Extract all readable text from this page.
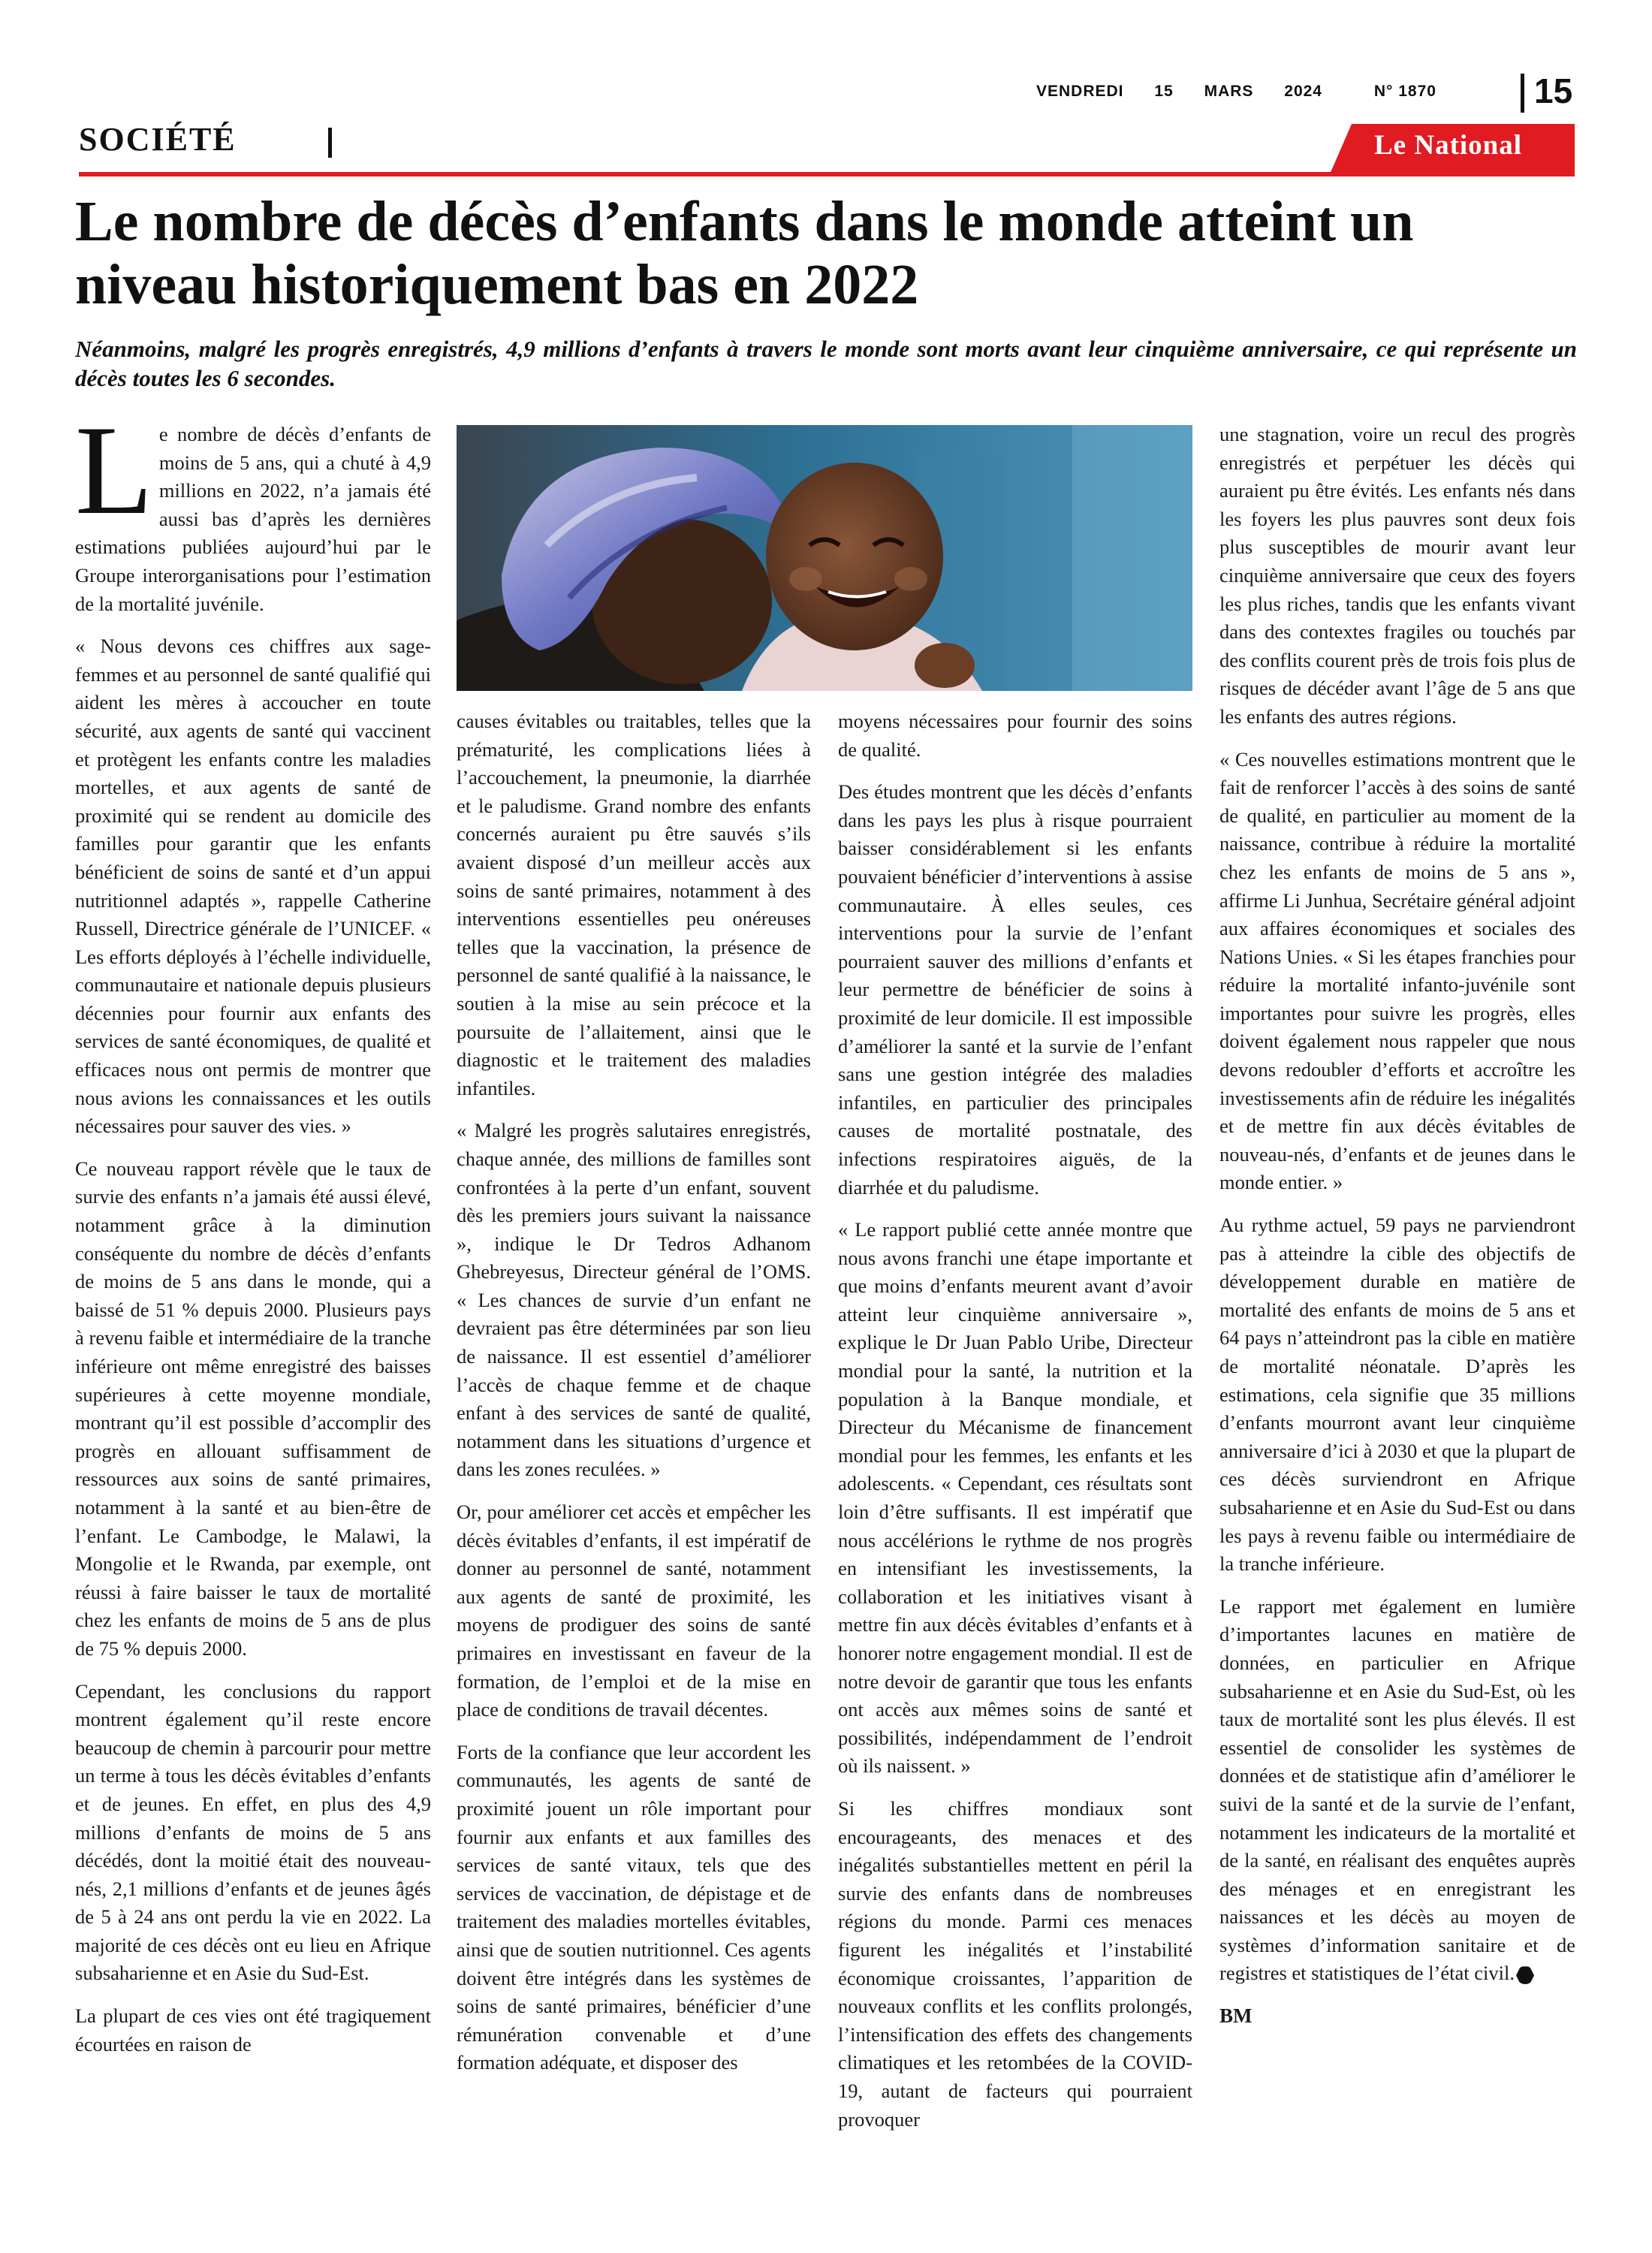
VENDREDI 15 MARS 2024	N° 1870	15
SOCIÉTÉ	Le National
Le nombre de décès d’enfants dans le monde atteint un niveau historiquement bas en 2022

Néanmoins, malgré les progrès enregistrés, 4,9 millions d’enfants à travers le monde sont morts avant leur cinquième anniversaire, ce qui représente un décès toutes les 6 secondes.

Le nombre de décès d’enfants de moins de 5 ans, qui a chuté à 4,9 millions en 2022, n’a jamais été aussi bas d’après les dernières estimations publiées aujourd’hui par le Groupe interorganisations pour l’estimation de la mortalité juvénile.

« Nous devons ces chiffres aux sage-femmes et au personnel de santé qualifié qui aident les mères à accoucher en toute sécurité, aux agents de santé qui vaccinent et protègent les enfants contre les maladies mortelles, et aux agents de santé de proximité qui se rendent au domicile des familles pour garantir que les enfants bénéficient de soins de santé et d’un appui nutritionnel adaptés », rappelle Catherine Russell, Directrice générale de l’UNICEF. « Les efforts déployés à l’échelle individuelle, communautaire et nationale depuis plusieurs décennies pour fournir aux enfants des services de santé économiques, de qualité et efficaces nous ont permis de montrer que nous avions les connaissances et les outils nécessaires pour sauver des vies. »

Ce nouveau rapport révèle que le taux de survie des enfants n’a jamais été aussi élevé, notamment grâce à la diminution conséquente du nombre de décès d’enfants de moins de 5 ans dans le monde, qui a baissé de 51 % depuis 2000. Plusieurs pays à revenu faible et intermédiaire de la tranche inférieure ont même enregistré des baisses supérieures à cette moyenne mondiale, montrant qu’il est possible d’accomplir des progrès en allouant suffisamment de ressources aux soins de santé primaires, notamment à la santé et au bien-être de l’enfant. Le Cambodge, le Malawi, la Mongolie et le Rwanda, par exemple, ont réussi à faire baisser le taux de mortalité chez les enfants de moins de 5 ans de plus de 75 % depuis 2000.

Cependant, les conclusions du rapport montrent également qu’il reste encore beaucoup de chemin à parcourir pour mettre un terme à tous les décès évitables d’enfants et de jeunes. En effet, en plus des 4,9 millions d’enfants de moins de 5 ans décédés, dont la moitié était des nouveau-nés, 2,1 millions d’enfants et de jeunes âgés de 5 à 24 ans ont perdu la vie en 2022. La majorité de ces décès ont eu lieu en Afrique subsaharienne et en Asie du Sud-Est.

La plupart de ces vies ont été tragiquement écourtées en raison de

causes évitables ou traitables, telles que la prématurité, les complications liées à l’accouchement, la pneumonie, la diarrhée et le paludisme. Grand nombre des enfants concernés auraient pu être sauvés s’ils avaient disposé d’un meilleur accès aux soins de santé primaires, notamment à des interventions essentielles peu onéreuses telles que la vaccination, la présence de personnel de santé qualifié à la naissance, le soutien à la mise au sein précoce et la poursuite de l’allaitement, ainsi que le diagnostic et le traitement des maladies infantiles.

« Malgré les progrès salutaires enregistrés, chaque année, des millions de familles sont confrontées à la perte d’un enfant, souvent dès les premiers jours suivant la naissance », indique le Dr Tedros Adhanom Ghebreyesus, Directeur général de l’OMS. « Les chances de survie d’un enfant ne devraient pas être déterminées par son lieu de naissance. Il est essentiel d’améliorer l’accès de chaque femme et de chaque enfant à des services de santé de qualité, notamment dans les situations d’urgence et dans les zones reculées. »

Or, pour améliorer cet accès et empêcher les décès évitables d’enfants, il est impératif de donner au personnel de santé, notamment aux agents de santé de proximité, les moyens de prodiguer des soins de santé primaires en investissant en faveur de la formation, de l’emploi et de la mise en place de conditions de travail décentes.

Forts de la confiance que leur accordent les communautés, les agents de santé de proximité jouent un rôle important pour fournir aux enfants et aux familles des services de santé vitaux, tels que des services de vaccination, de dépistage et de traitement des maladies mortelles évitables, ainsi que de soutien nutritionnel. Ces agents doivent être intégrés dans les systèmes de soins de santé primaires, bénéficier d’une rémunération convenable et d’une formation adéquate, et disposer des

moyens nécessaires pour fournir des soins de qualité.

Des études montrent que les décès d’enfants dans les pays les plus à risque pourraient baisser considérablement si les enfants pouvaient bénéficier d’interventions à assise communautaire. À elles seules, ces interventions pour la survie de l’enfant pourraient sauver des millions d’enfants et leur permettre de bénéficier de soins à proximité de leur domicile. Il est impossible d’améliorer la santé et la survie de l’enfant sans une gestion intégrée des maladies infantiles, en particulier des principales causes de mortalité postnatale, des infections respiratoires aiguës, de la diarrhée et du paludisme.

« Le rapport publié cette année montre que nous avons franchi une étape importante et que moins d’enfants meurent avant d’avoir atteint leur cinquième anniversaire », explique le Dr Juan Pablo Uribe, Directeur mondial pour la santé, la nutrition et la population à la Banque mondiale, et Directeur du Mécanisme de financement mondial pour les femmes, les enfants et les adolescents. « Cependant, ces résultats sont loin d’être suffisants. Il est impératif que nous accélérions le rythme de nos progrès en intensifiant les investissements, la collaboration et les initiatives visant à mettre fin aux décès évitables d’enfants et à honorer notre engagement mondial. Il est de notre devoir de garantir que tous les enfants ont accès aux mêmes soins de santé et possibilités, indépendamment de l’endroit où ils naissent. »

Si les chiffres mondiaux sont encourageants, des menaces et des inégalités substantielles mettent en péril la survie des enfants dans de nombreuses régions du monde. Parmi ces menaces figurent les inégalités et l’instabilité économique croissantes, l’apparition de nouveaux conflits et les conflits prolongés, l’intensification des effets des changements climatiques et les retombées de la COVID-19, autant de facteurs qui pourraient provoquer

une stagnation, voire un recul des progrès enregistrés et perpétuer les décès qui auraient pu être évités. Les enfants nés dans les foyers les plus pauvres sont deux fois plus susceptibles de mourir avant leur cinquième anniversaire que ceux des foyers les plus riches, tandis que les enfants vivant dans des contextes fragiles ou touchés par des conflits courent près de trois fois plus de risques de décéder avant l’âge de 5 ans que les enfants des autres régions.

« Ces nouvelles estimations montrent que le fait de renforcer l’accès à des soins de santé de qualité, en particulier au moment de la naissance, contribue à réduire la mortalité chez les enfants de moins de 5 ans », affirme Li Junhua, Secrétaire général adjoint aux affaires économiques et sociales des Nations Unies. « Si les étapes franchies pour réduire la mortalité infanto-juvénile sont importantes pour suivre les progrès, elles doivent également nous rappeler que nous devons redoubler d’efforts et accroître les investissements afin de réduire les inégalités et de mettre fin aux décès évitables de nouveau-nés, d’enfants et de jeunes dans le monde entier. »

Au rythme actuel, 59 pays ne parviendront pas à atteindre la cible des objectifs de développement durable en matière de mortalité des enfants de moins de 5 ans et 64 pays n’atteindront pas la cible en matière de mortalité néonatale. D’après les estimations, cela signifie que 35 millions d’enfants mourront avant leur cinquième anniversaire d’ici à 2030 et que la plupart de ces décès surviendront en Afrique subsaharienne et en Asie du Sud-Est ou dans les pays à revenu faible ou intermédiaire de la tranche inférieure.

Le rapport met également en lumière d’importantes lacunes en matière de données, en particulier en Afrique subsaharienne et en Asie du Sud-Est, où les taux de mortalité sont les plus élevés. Il est essentiel de consolider les systèmes de données et de statistique afin d’améliorer le suivi de la santé et de la survie de l’enfant, notamment les indicateurs de la mortalité et de la santé, en réalisant des enquêtes auprès des ménages et en enregistrant les naissances et les décès au moyen de systèmes d’information sanitaire et de registres et statistiques de l’état civil.

BM
